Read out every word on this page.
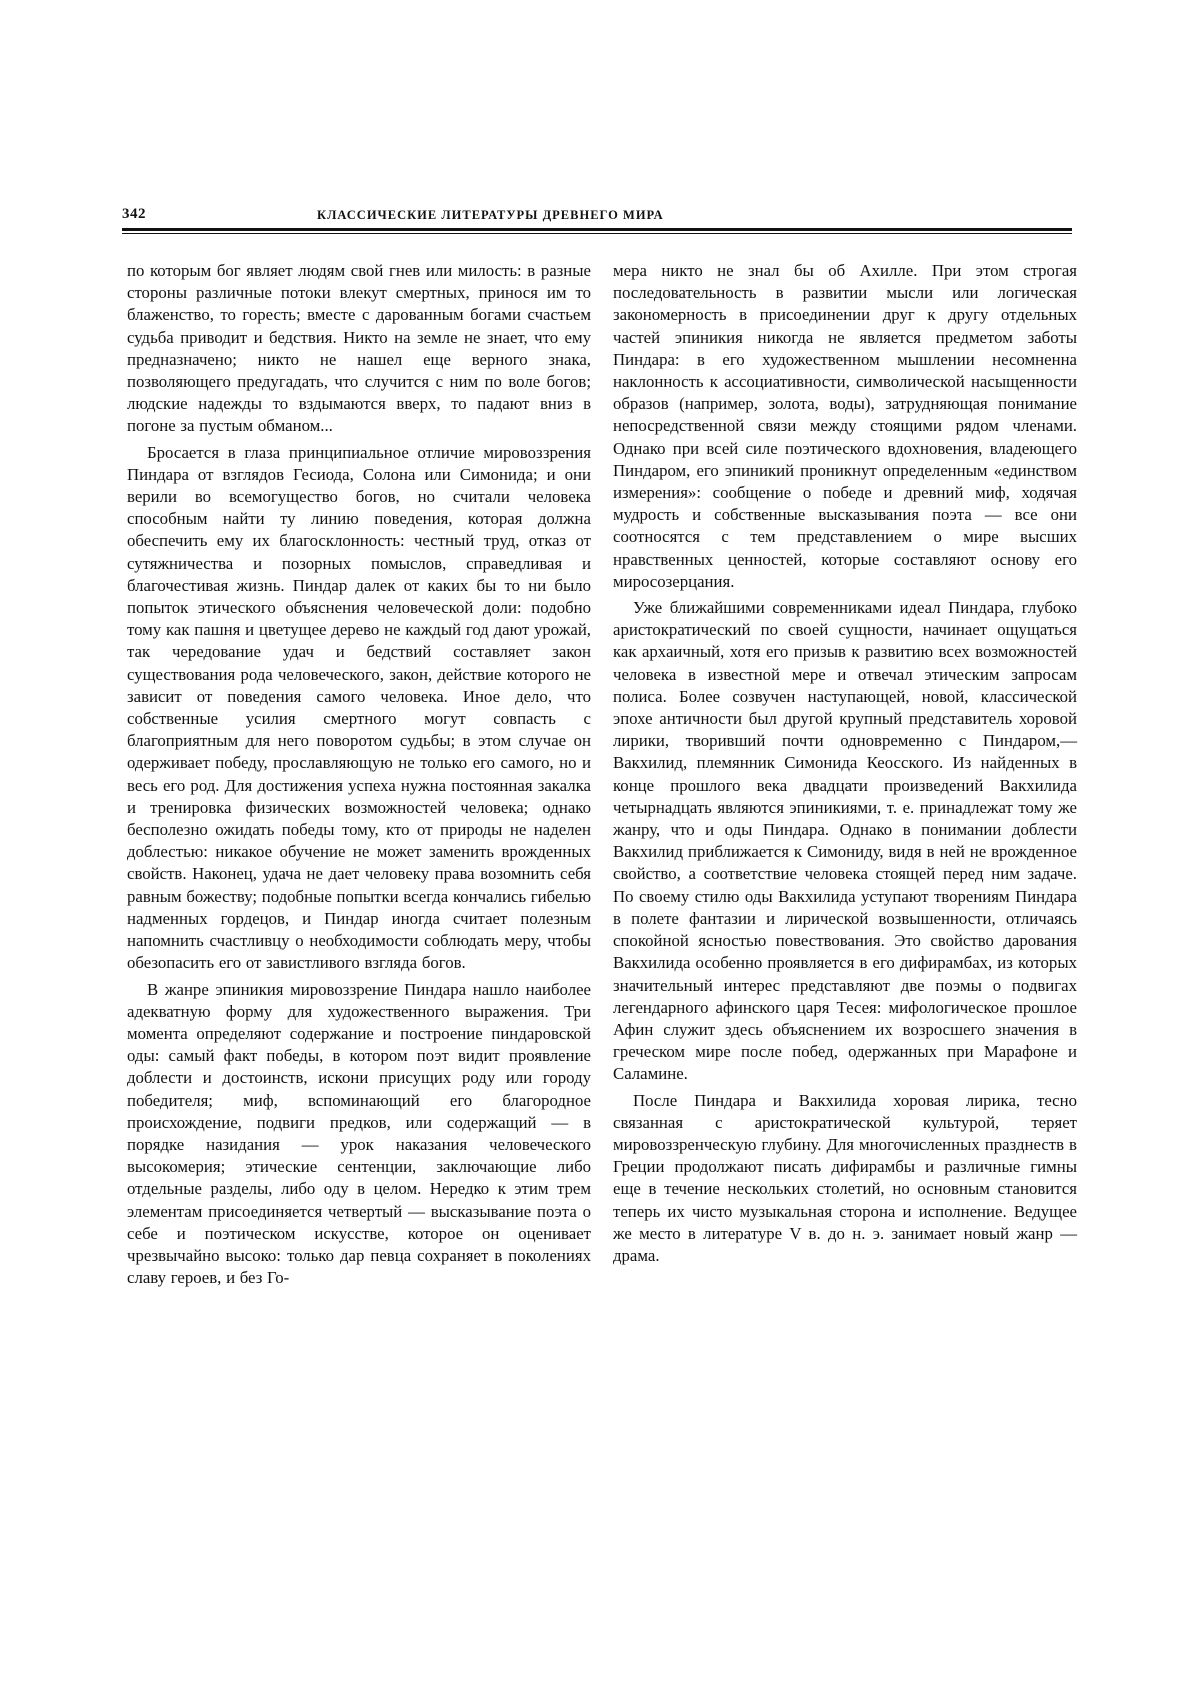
342	КЛАССИЧЕСКИЕ ЛИТЕРАТУРЫ ДРЕВНЕГО МИРА

по которым бог являет людям свой гнев или милость: в разные стороны различные потоки влекут смертных, принося им то блаженство, то горесть; вместе с дарованным богами счастьем судьба приводит и бедствия. Никто на земле не знает, что ему предназначено; никто не нашел еще верного знака, позволяющего предугадать, что случится с ним по воле богов; людские надежды то вздымаются вверх, то падают вниз в погоне за пустым обманом...

Бросается в глаза принципиальное отличие мировоззрения Пиндара от взглядов Гесиода, Солона или Симонида; и они верили во всемогущество богов, но считали человека способным найти ту линию поведения, которая должна обеспечить ему их благосклонность: честный труд, отказ от сутяжничества и позорных помыслов, справедливая и благочестивая жизнь. Пиндар далек от каких бы то ни было попыток этического объяснения человеческой доли: подобно тому как пашня и цветущее дерево не каждый год дают урожай, так чередование удач и бедствий составляет закон существования рода человеческого, закон, действие которого не зависит от поведения самого человека. Иное дело, что собственные усилия смертного могут совпасть с благоприятным для него поворотом судьбы; в этом случае он одерживает победу, прославляющую не только его самого, но и весь его род. Для достижения успеха нужна постоянная закалка и тренировка физических возможностей человека; однако бесполезно ожидать победы тому, кто от природы не наделен доблестью: никакое обучение не может заменить врожденных свойств. Наконец, удача не дает человеку права возомнить себя равным божеству; подобные попытки всегда кончались гибелью надменных гордецов, и Пиндар иногда считает полезным напомнить счастливцу о необходимости соблюдать меру, чтобы обезопасить его от завистливого взгляда богов.

В жанре эпиникия мировоззрение Пиндара нашло наиболее адекватную форму для художественного выражения. Три момента определяют содержание и построение пиндаровской оды: самый факт победы, в котором поэт видит проявление доблести и достоинств, искони присущих роду или городу победителя; миф, вспоминающий его благородное происхождение, подвиги предков, или содержащий — в порядке назидания — урок наказания человеческого высокомерия; этические сентенции, заключающие либо отдельные разделы, либо оду в целом. Нередко к этим трем элементам присоединяется четвертый — высказывание поэта о себе и поэтическом искусстве, которое он оценивает чрезвычайно высоко: только дар певца сохраняет в поколениях славу героев, и без Го-

мера никто не знал бы об Ахилле. При этом строгая последовательность в развитии мысли или логическая закономерность в присоединении друг к другу отдельных частей эпиникия никогда не является предметом заботы Пиндара: в его художественном мышлении несомненна наклонность к ассоциативности, символической насыщенности образов (например, золота, воды), затрудняющая понимание непосредственной связи между стоящими рядом членами. Однако при всей силе поэтического вдохновения, владеющего Пиндаром, его эпиникий проникнут определенным «единством измерения»: сообщение о победе и древний миф, ходячая мудрость и собственные высказывания поэта — все они соотносятся с тем представлением о мире высших нравственных ценностей, которые составляют основу его миросозерцания.

Уже ближайшими современниками идеал Пиндара, глубоко аристократический по своей сущности, начинает ощущаться как архаичный, хотя его призыв к развитию всех возможностей человека в известной мере и отвечал этическим запросам полиса. Более созвучен наступающей, новой, классической эпохе античности был другой крупный представитель хоровой лирики, творивший почти одновременно с Пиндаром,— Вакхилид, племянник Симонида Кеосского. Из найденных в конце прошлого века двадцати произведений Вакхилида четырнадцать являются эпиникиями, т. е. принадлежат тому же жанру, что и оды Пиндара. Однако в понимании доблести Вакхилид приближается к Симониду, видя в ней не врожденное свойство, а соответствие человека стоящей перед ним задаче. По своему стилю оды Вакхилида уступают творениям Пиндара в полете фантазии и лирической возвышенности, отличаясь спокойной ясностью повествования. Это свойство дарования Вакхилида особенно проявляется в его дифирамбах, из которых значительный интерес представляют две поэмы о подвигах легендарного афинского царя Тесея: мифологическое прошлое Афин служит здесь объяснением их возросшего значения в греческом мире после побед, одержанных при Марафоне и Саламине.

После Пиндара и Вакхилида хоровая лирика, тесно связанная с аристократической культурой, теряет мировоззренческую глубину. Для многочисленных празднеств в Греции продолжают писать дифирамбы и различные гимны еще в течение нескольких столетий, но основным становится теперь их чисто музыкальная сторона и исполнение. Ведущее же место в литературе V в. до н. э. занимает новый жанр — драма.
